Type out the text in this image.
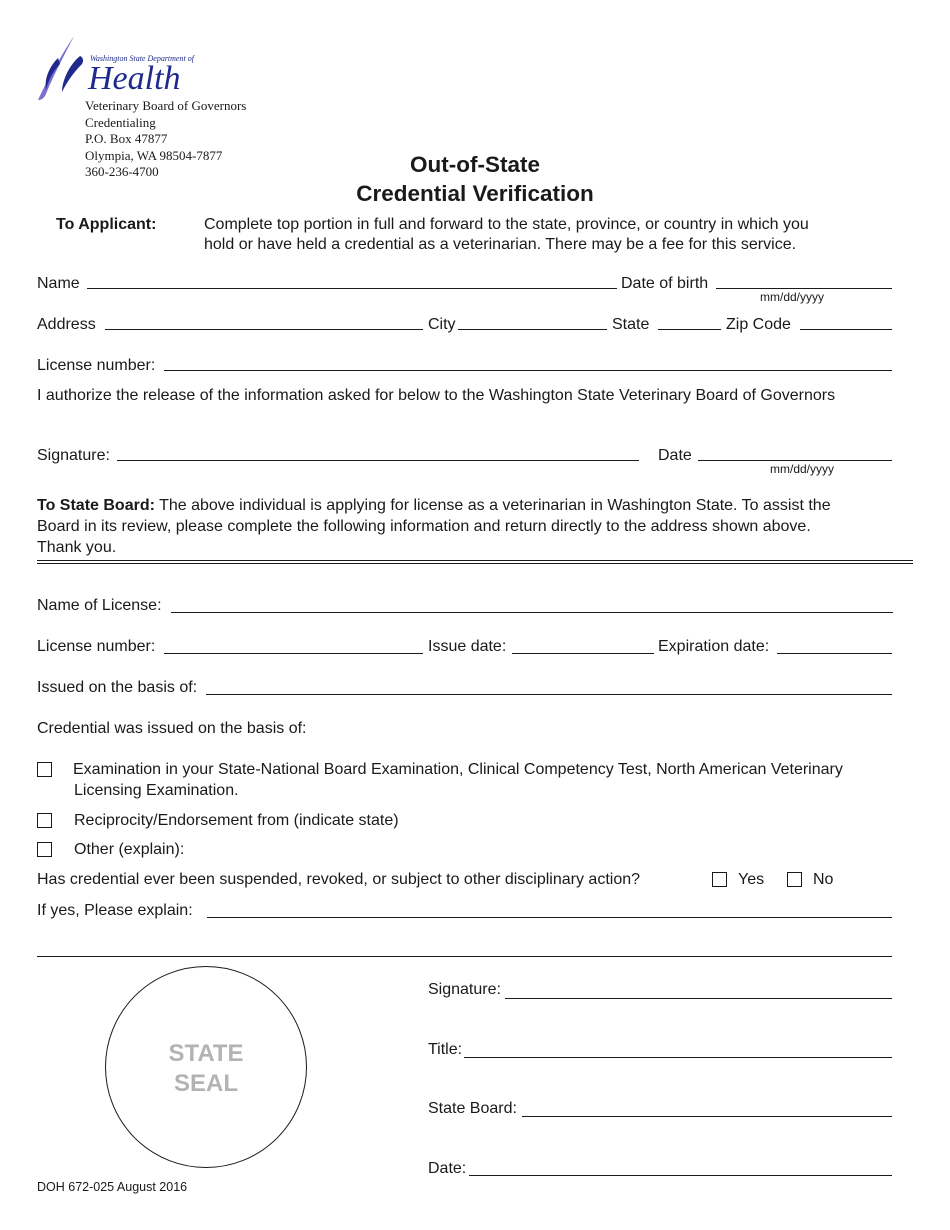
Washington State Department of
Health
Veterinary Board of Governors
Credentialing
P.O. Box 47877
Olympia, WA 98504-7877
360-236-4700	Out-of-State
Credential Verification
To Applicant:	Complete top portion in full and forward to the state, province, or country in which you
hold or have held a credential as a veterinarian. There may be a fee for this service.
Name	Date of birth
mm/dd/yyyy
Address	City	State	Zip Code
License number:
I authorize the release of the information asked for below to the Washington State Veterinary Board of Governors
Signature:	Date
mm/dd/yyyy
To State Board: The above individual is applying for license as a veterinarian in Washington State. To assist the
Board in its review, please complete the following information and return directly to the address shown above.
Thank you.
Name of License:
License number:	Issue date:	Expiration date:
Issued on the basis of:
Credential was issued on the basis of:
Examination in your State-National Board Examination, Clinical Competency Test, North American Veterinary
Licensing Examination.
Reciprocity/Endorsement from (indicate state)
Other (explain):
Has credential ever been suspended, revoked, or subject to other disciplinary action?	Yes	No
If yes, Please explain:
STATE
SEAL
Signature:
Title:
State Board:
Date:
DOH 672-025 August 2016
